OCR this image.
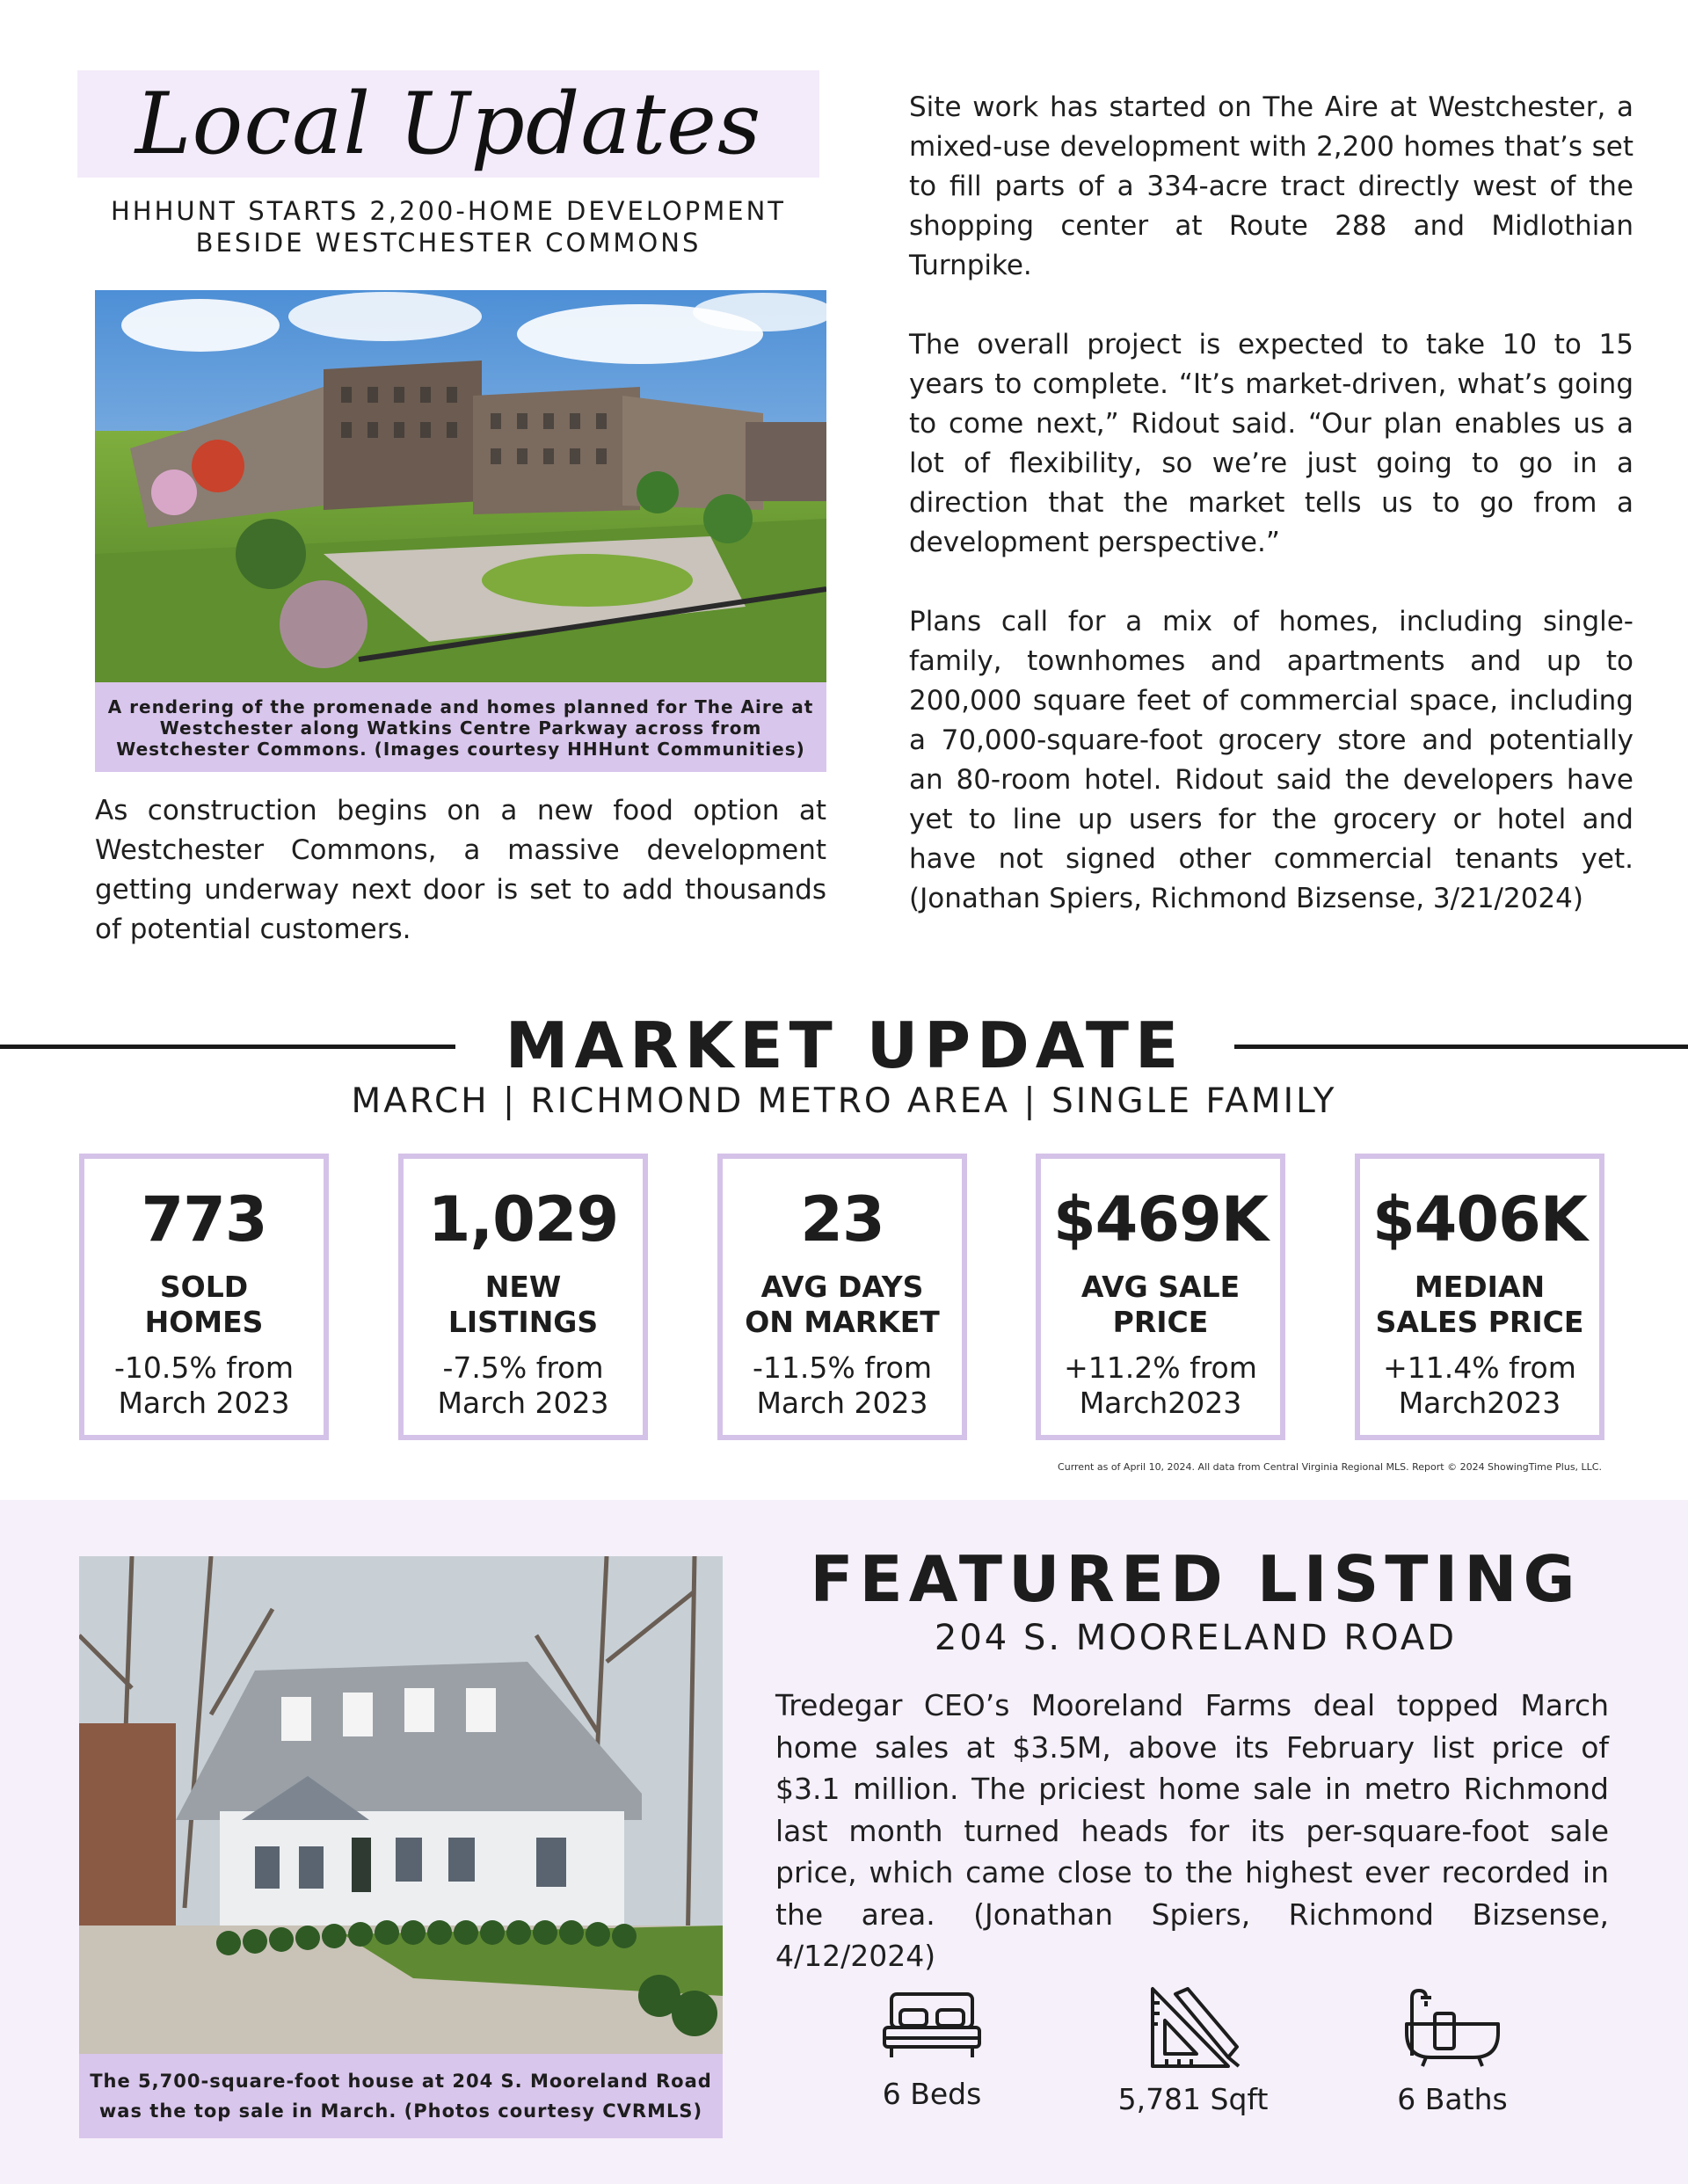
Local Updates
HHHUNT STARTS 2,200-HOME DEVELOPMENT BESIDE WESTCHESTER COMMONS
A rendering of the promenade and homes planned for The Aire at Westchester along Watkins Centre Parkway across from Westchester Commons. (Images courtesy HHHunt Communities)
As construction begins on a new food option at Westchester Commons, a massive development getting underway next door is set to add thousands of potential customers.

Site work has started on The Aire at Westchester, a mixed-use development with 2,200 homes that’s set to fill parts of a 334-acre tract directly west of the shopping center at Route 288 and Midlothian Turnpike.

The overall project is expected to take 10 to 15 years to complete. “It’s market-driven, what’s going to come next,” Ridout said. “Our plan enables us a lot of flexibility, so we’re just going to go in a direction that the market tells us to go from a development perspective.”

Plans call for a mix of homes, including single-family, townhomes and apartments and up to 200,000 square feet of commercial space, including a 70,000-square-foot grocery store and potentially an 80-room hotel. Ridout said the developers have yet to line up users for the grocery or hotel and have not signed other commercial tenants yet. (Jonathan Spiers, Richmond Bizsense, 3/21/2024)

MARKET UPDATE
MARCH | RICHMOND METRO AREA | SINGLE FAMILY
773
SOLD
HOMES
-10.5% from
March 2023
1,029
NEW
LISTINGS
-7.5% from
March 2023
23
AVG DAYS
ON MARKET
-11.5% from
March 2023
$469K
AVG SALE
PRICE
+11.2% from
March2023
$406K
MEDIAN
SALES PRICE
+11.4% from
March2023
Current as of April 10, 2024. All data from Central Virginia Regional MLS. Report © 2024 ShowingTime Plus, LLC.
The 5,700-square-foot house at 204 S. Mooreland Road was the top sale in March. (Photos courtesy CVRMLS)
FEATURED LISTING
204 S. MOORELAND ROAD
Tredegar CEO’s Mooreland Farms deal topped March home sales at $3.5M, above its February list price of $3.1 million. The priciest home sale in metro Richmond last month turned heads for its per-square-foot sale price, which came close to the highest ever recorded in the area. (Jonathan Spiers, Richmond Bizsense, 4/12/2024)
6 Beds	5,781 Sqft	6 Baths
